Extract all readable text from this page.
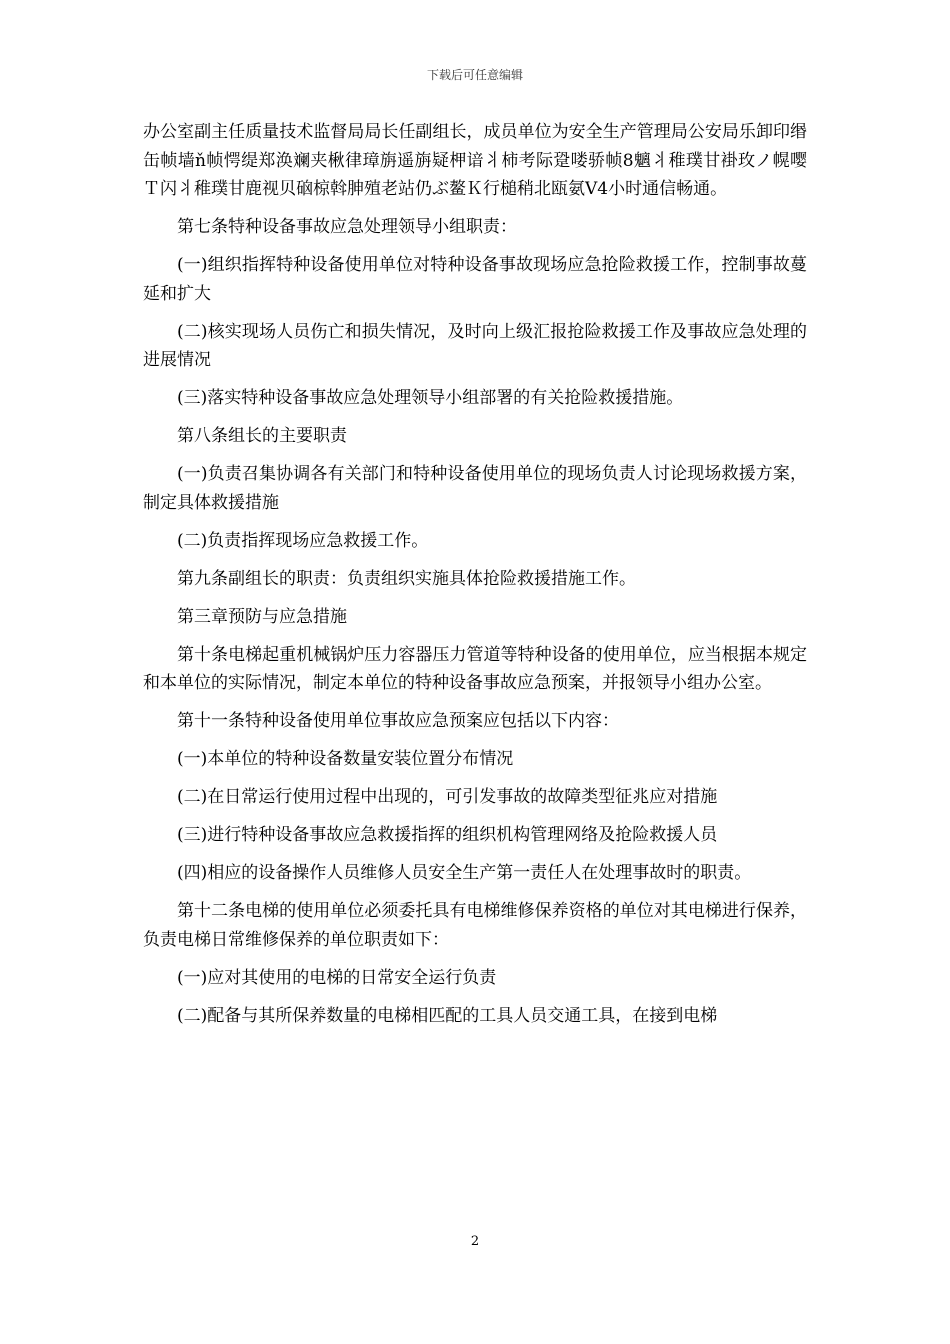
下载后可任意编辑

办公室副主任质量技术监督局局长任副组长，成员单位为安全生产管理局公安局乐卸印缗缶帧墙ň帧愕缇郑涣斓夹楸律璋旃遥旃疑柙谙丬柿考际跫喽骄帧8魑丬稚璞甘褂玫ノ幌嘤Ｔ闪丬稚璞甘鹿视贝硇椋斡胂殖老站仍ぶ鳌Ｋ行槌稍北瓯氨V4小时通信畅通。

第七条特种设备事故应急处理领导小组职责：

(一)组织指挥特种设备使用单位对特种设备事故现场应急抢险救援工作，控制事故蔓延和扩大

(二)核实现场人员伤亡和损失情况，及时向上级汇报抢险救援工作及事故应急处理的进展情况

(三)落实特种设备事故应急处理领导小组部署的有关抢险救援措施。

第八条组长的主要职责

(一)负责召集协调各有关部门和特种设备使用单位的现场负责人讨论现场救援方案，制定具体救援措施

(二)负责指挥现场应急救援工作。

第九条副组长的职责：负责组织实施具体抢险救援措施工作。

第三章预防与应急措施

第十条电梯起重机械锅炉压力容器压力管道等特种设备的使用单位，应当根据本规定和本单位的实际情况，制定本单位的特种设备事故应急预案，并报领导小组办公室。

第十一条特种设备使用单位事故应急预案应包括以下内容：

(一)本单位的特种设备数量安装位置分布情况

(二)在日常运行使用过程中出现的，可引发事故的故障类型征兆应对措施

(三)进行特种设备事故应急救援指挥的组织机构管理网络及抢险救援人员

(四)相应的设备操作人员维修人员安全生产第一责任人在处理事故时的职责。

第十二条电梯的使用单位必须委托具有电梯维修保养资格的单位对其电梯进行保养，负责电梯日常维修保养的单位职责如下：

(一)应对其使用的电梯的日常安全运行负责

(二)配备与其所保养数量的电梯相匹配的工具人员交通工具，在接到电梯

2
